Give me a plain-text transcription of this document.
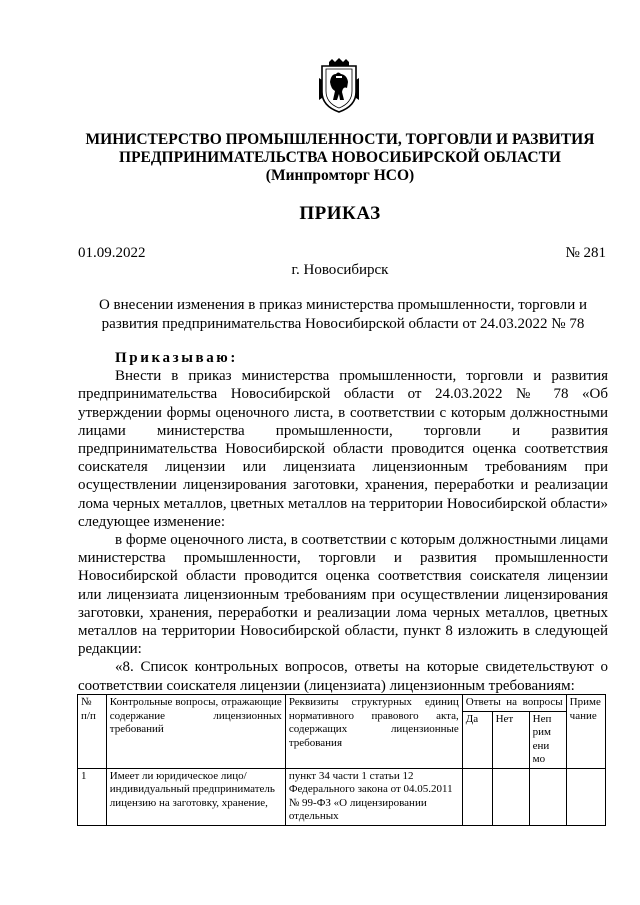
МИНИСТЕРСТВО ПРОМЫШЛЕННОСТИ, ТОРГОВЛИ И РАЗВИТИЯ
ПРЕДПРИНИМАТЕЛЬСТВА НОВОСИБИРСКОЙ ОБЛАСТИ
(Минпромторг НСО)
ПРИКАЗ
01.09.2022	№ 281
г. Новосибирск
О внесении изменения в приказ министерства промышленности, торговли и
развития предпринимательства Новосибирской области от 24.03.2022 № 78
Приказываю:

Внести в приказ министерства промышленности, торговли и развития предпринимательства Новосибирской области от 24.03.2022 № 78 «Об утверждении формы оценочного листа, в соответствии с которым должностными лицами министерства промышленности, торговли и развития предпринимательства Новосибирской области проводится оценка соответствия соискателя лицензии или лицензиата лицензионным требованиям при осуществлении лицензирования заготовки, хранения, переработки и реализации лома черных металлов, цветных металлов на территории Новосибирской области» следующее изменение:

в форме оценочного листа, в соответствии с которым должностными лицами министерства промышленности, торговли и развития промышленности Новосибирской области проводится оценка соответствия соискателя лицензии или лицензиата лицензионным требованиям при осуществлении лицензирования заготовки, хранения, переработки и реализации лома черных металлов, цветных металлов на территории Новосибирской области, пункт 8 изложить в следующей редакции:

«8. Список контрольных вопросов, ответы на которые свидетельствуют о соответствии соискателя лицензии (лицензиата) лицензионным требованиям:

№ п/п	Контрольные вопросы, отражающие содержание лицензионных требований	Реквизиты структурных единиц нормативного правового акта, содержащих лицензионные требования	Ответы на вопросы			Приме чание
			Да	Нет	Неп рим ени мо	
1	Имеет ли юридическое лицо/индивидуальный предприниматель лицензию на заготовку, хранение,	пункт 34 части 1 статьи 12 Федерального закона от 04.05.2011 № 99-ФЗ «О лицензировании отдельных				
